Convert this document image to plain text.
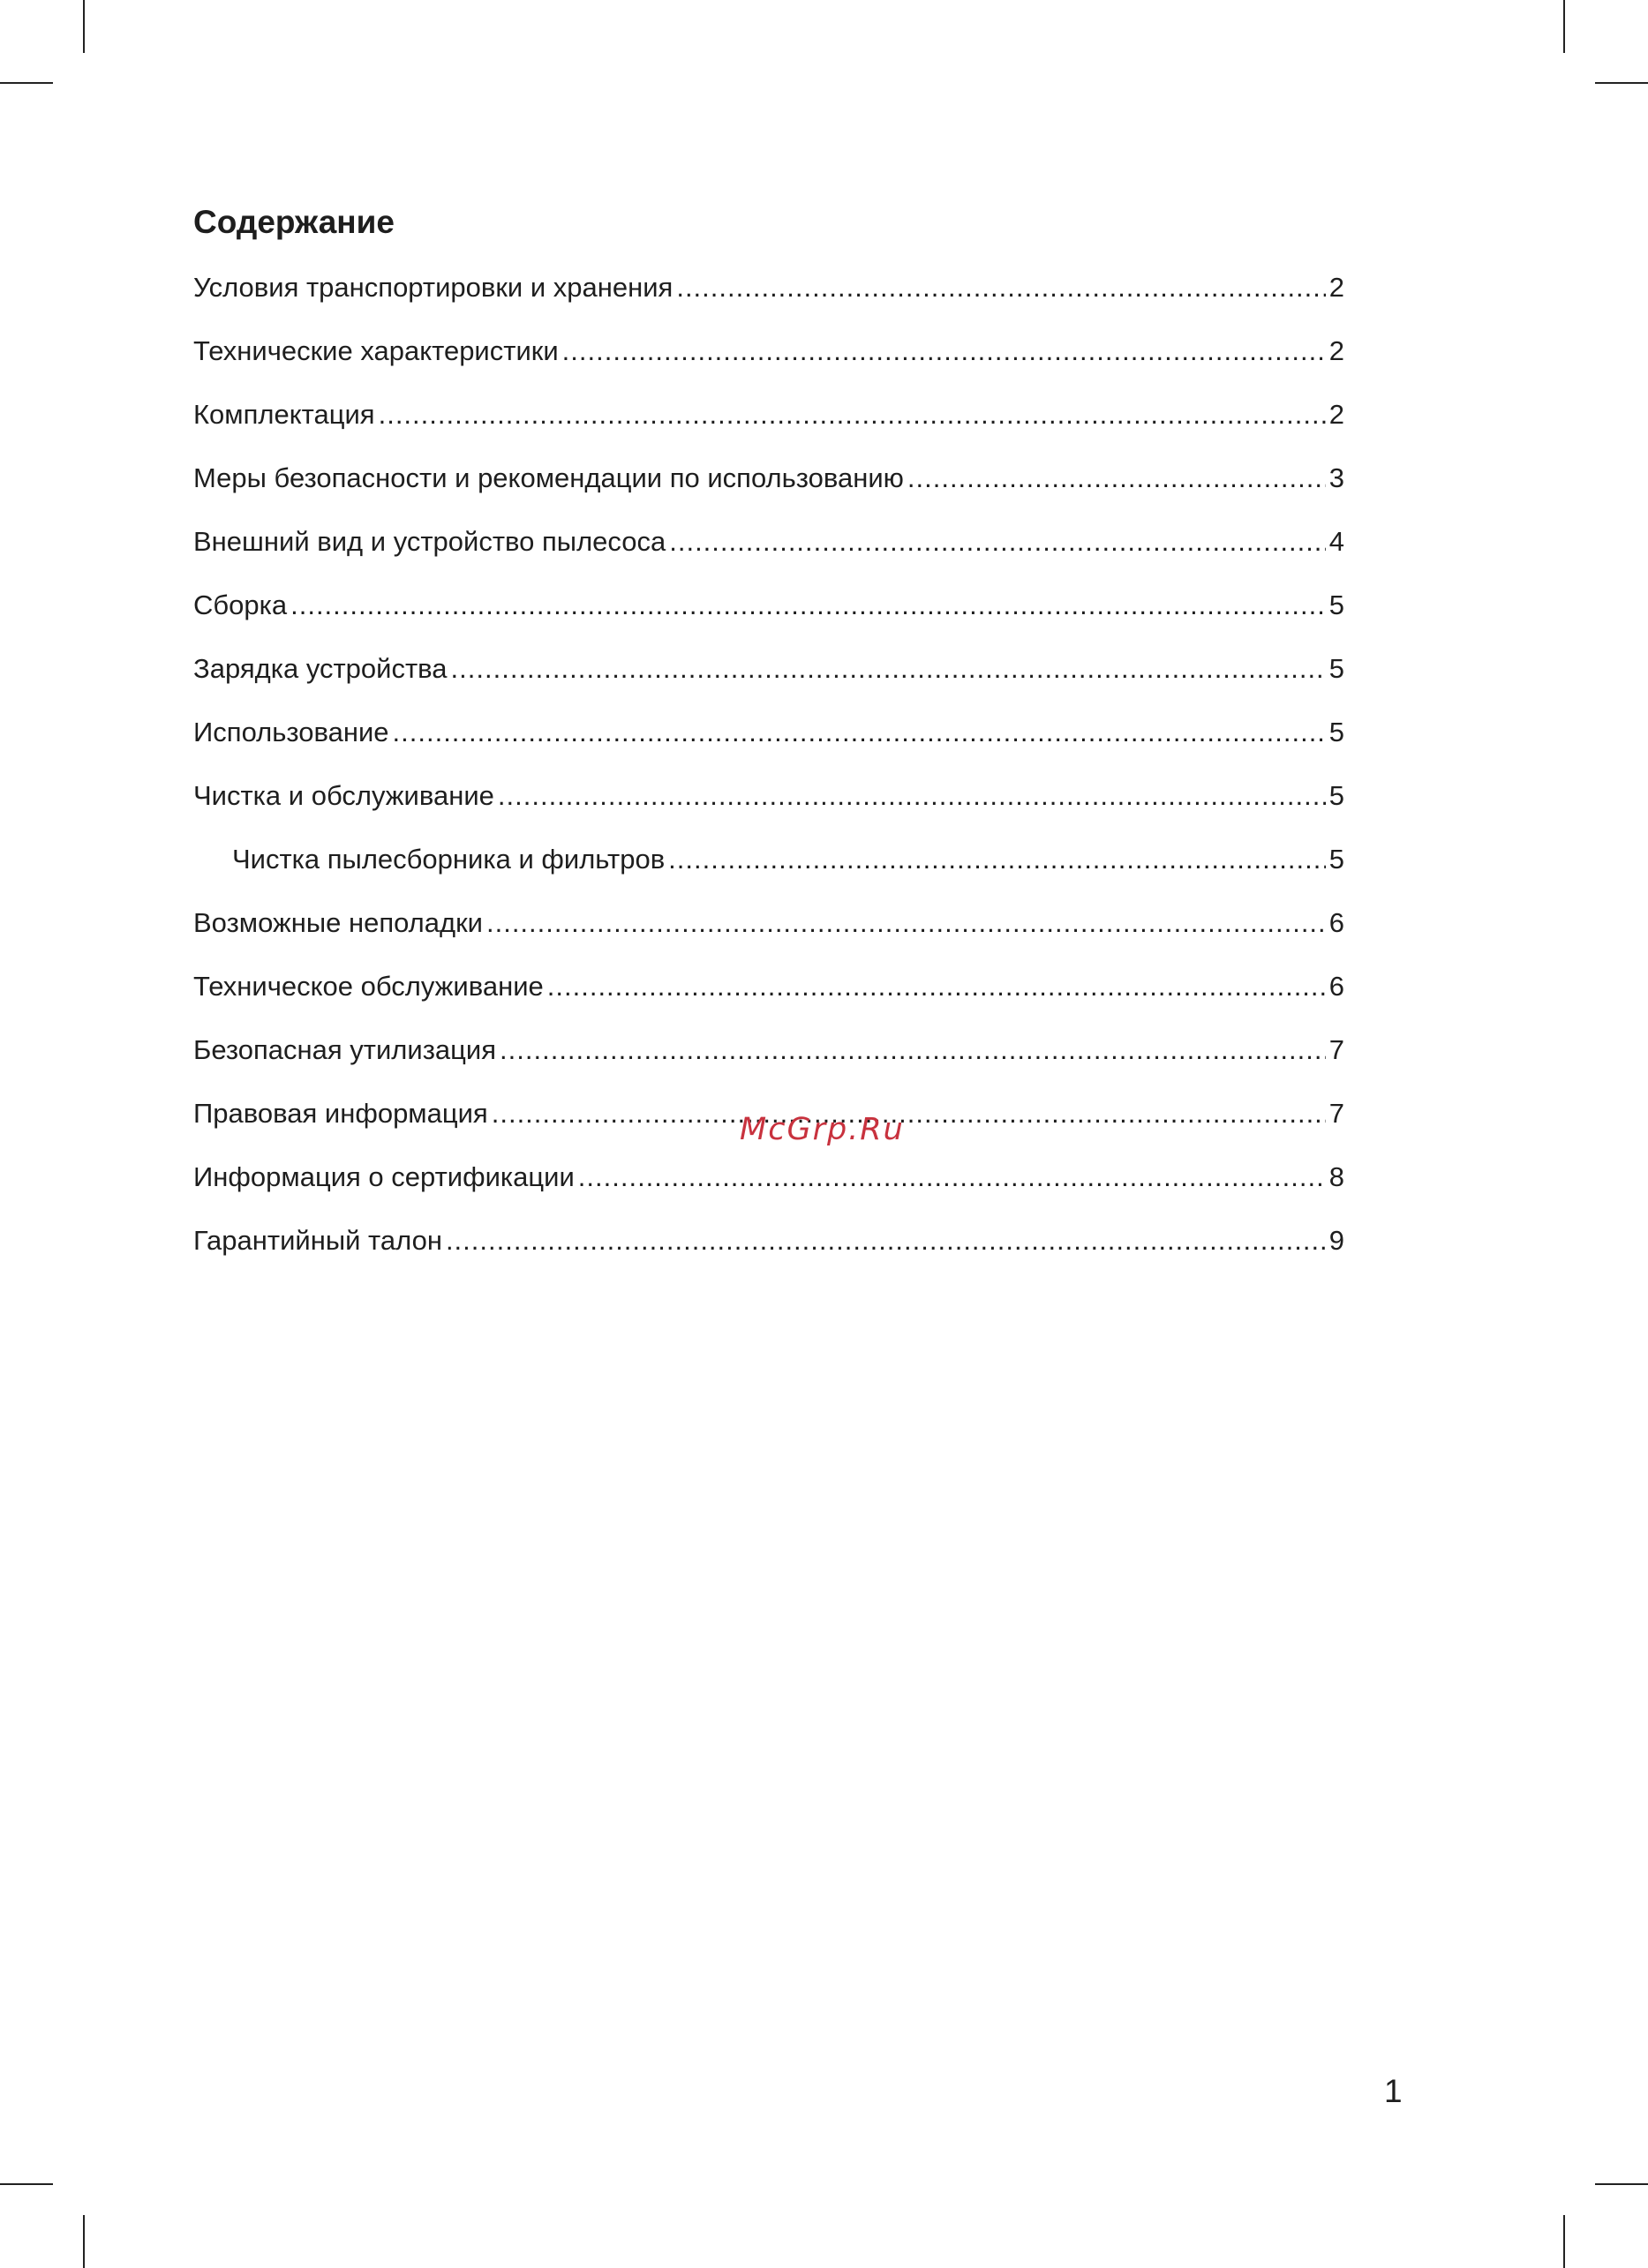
Содержание
Условия транспортировки и хранения .....	2
Технические характеристики .....	2
Комплектация .....	2
Меры безопасности и рекомендации по использованию .....	3
Внешний вид и устройство пылесоса .....	4
Сборка .....	5
Зарядка устройства .....	5
Использование .....	5
Чистка и обслуживание .....	5
Чистка пылесборника и фильтров .....	5
Возможные неполадки .....	6
Техническое обслуживание .....	6
Безопасная утилизация .....	7
Правовая информация .....	7
Информация о сертификации .....	8
Гарантийный талон .....	9
McGrp.Ru
1
